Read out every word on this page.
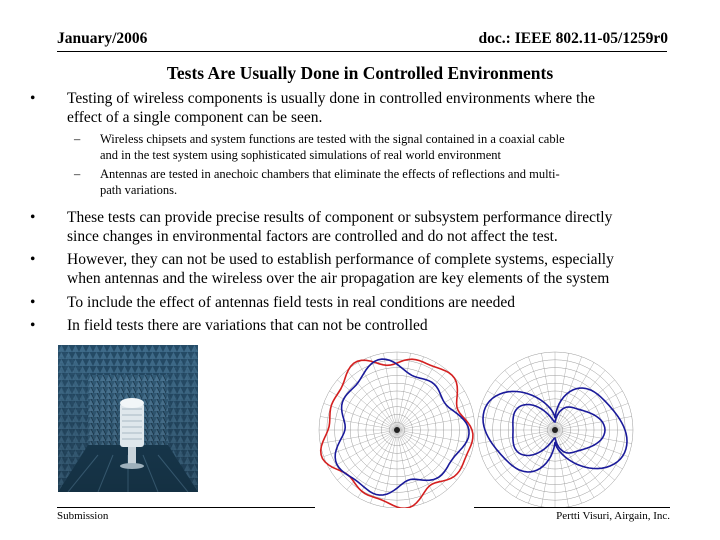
January/2006	doc.: IEEE 802.11-05/1259r0
Tests Are Usually Done in Controlled Environments
• Testing of wireless components is usually done in controlled environments where the
effect of a single component can be seen.
– Wireless chipsets and system functions are tested with the signal contained in a coaxial cable
and in the test system using sophisticated simulations of real world environment
– Antennas are tested in anechoic chambers that eliminate the effects of reflections and multi-
path variations.
• These tests can provide precise results of component or subsystem performance directly
since changes in environmental factors are controlled and do not affect the test.
• However, they can not be used to establish performance of complete systems, especially
when antennas and the wireless over the air propagation are key elements of the system
• To include the effect of antennas field tests in real conditions are needed
• In field tests there are variations that can not be controlled
Submission	Pertti Visuri, Airgain, Inc.
